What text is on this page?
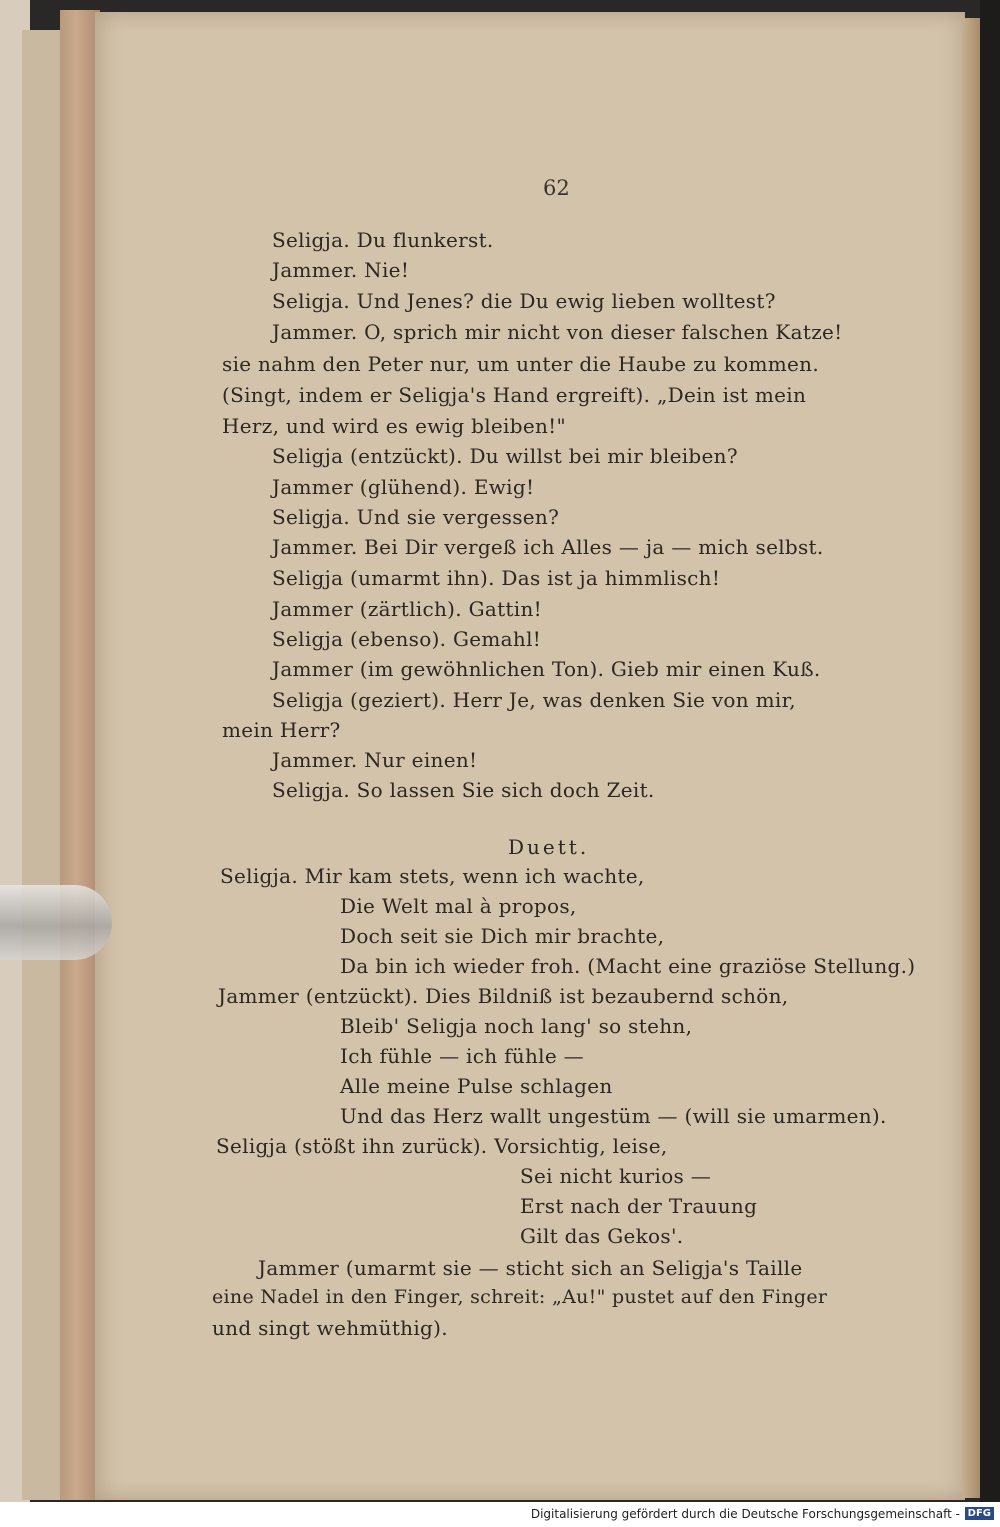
62
Seligja. Du flunkerst.
Jammer. Nie!
Seligja. Und Jenes? die Du ewig lieben wolltest?
Jammer. O, sprich mir nicht von dieser falschen Katze!
sie nahm den Peter nur, um unter die Haube zu kommen.
(Singt, indem er Seligja's Hand ergreift). „Dein ist mein
Herz, und wird es ewig bleiben!"
Seligja (entzückt). Du willst bei mir bleiben?
Jammer (glühend). Ewig!
Seligja. Und sie vergessen?
Jammer. Bei Dir vergeß ich Alles — ja — mich selbst.
Seligja (umarmt ihn). Das ist ja himmlisch!
Jammer (zärtlich). Gattin!
Seligja (ebenso). Gemahl!
Jammer (im gewöhnlichen Ton). Gieb mir einen Kuß.
Seligja (geziert). Herr Je, was denken Sie von mir,
mein Herr?
Jammer. Nur einen!
Seligja. So lassen Sie sich doch Zeit.
Duett.
Seligja. Mir kam stets, wenn ich wachte,
Die Welt mal à propos,
Doch seit sie Dich mir brachte,
Da bin ich wieder froh. (Macht eine graziöse Stellung.)
Jammer (entzückt). Dies Bildniß ist bezaubernd schön,
Bleib' Seligja noch lang' so stehn,
Ich fühle — ich fühle —
Alle meine Pulse schlagen
Und das Herz wallt ungestüm — (will sie umarmen).
Seligja (stößt ihn zurück). Vorsichtig, leise,
Sei nicht kurios —
Erst nach der Trauung
Gilt das Gekos'.
Jammer (umarmt sie — sticht sich an Seligja's Taille
eine Nadel in den Finger, schreit: „Au!" pustet auf den Finger
und singt wehmüthig).
Digitalisierung gefördert durch die Deutsche Forschungsgemeinschaft - DFG
